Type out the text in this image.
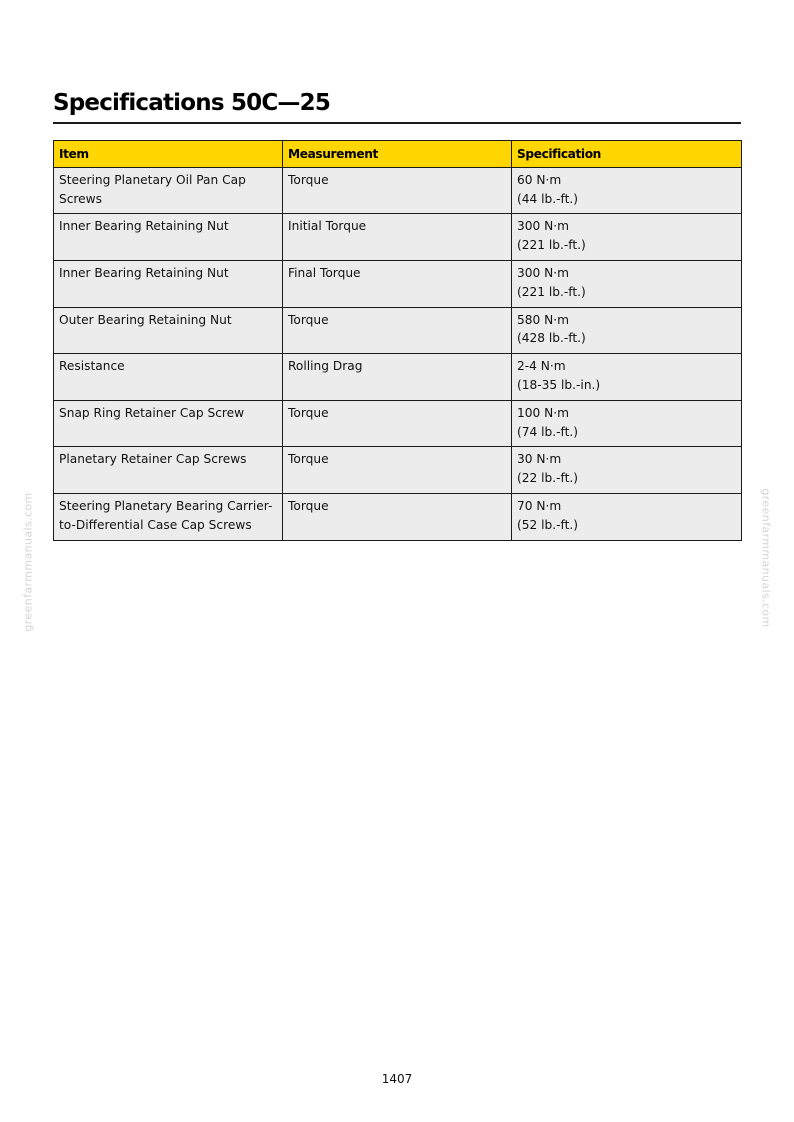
Specifications 50C—25
Item	Measurement	Specification
Steering Planetary Oil Pan Cap Screws	Torque	60 N·m
(44 lb.-ft.)

Inner Bearing Retaining Nut	Initial Torque	300 N·m
(221 lb.-ft.)

Inner Bearing Retaining Nut	Final Torque	300 N·m
(221 lb.-ft.)

Outer Bearing Retaining Nut	Torque	580 N·m
(428 lb.-ft.)

Resistance	Rolling Drag	2-4 N·m
(18-35 lb.-in.)

Snap Ring Retainer Cap Screw	Torque	100 N·m
(74 lb.-ft.)

Planetary Retainer Cap Screws	Torque	30 N·m
(22 lb.-ft.)

Steering Planetary Bearing Carrier-to-Differential Case Cap Screws	Torque	70 N·m
(52 lb.-ft.)
greenfarmmanuals.com	greenfarmmanuals.com
1407
